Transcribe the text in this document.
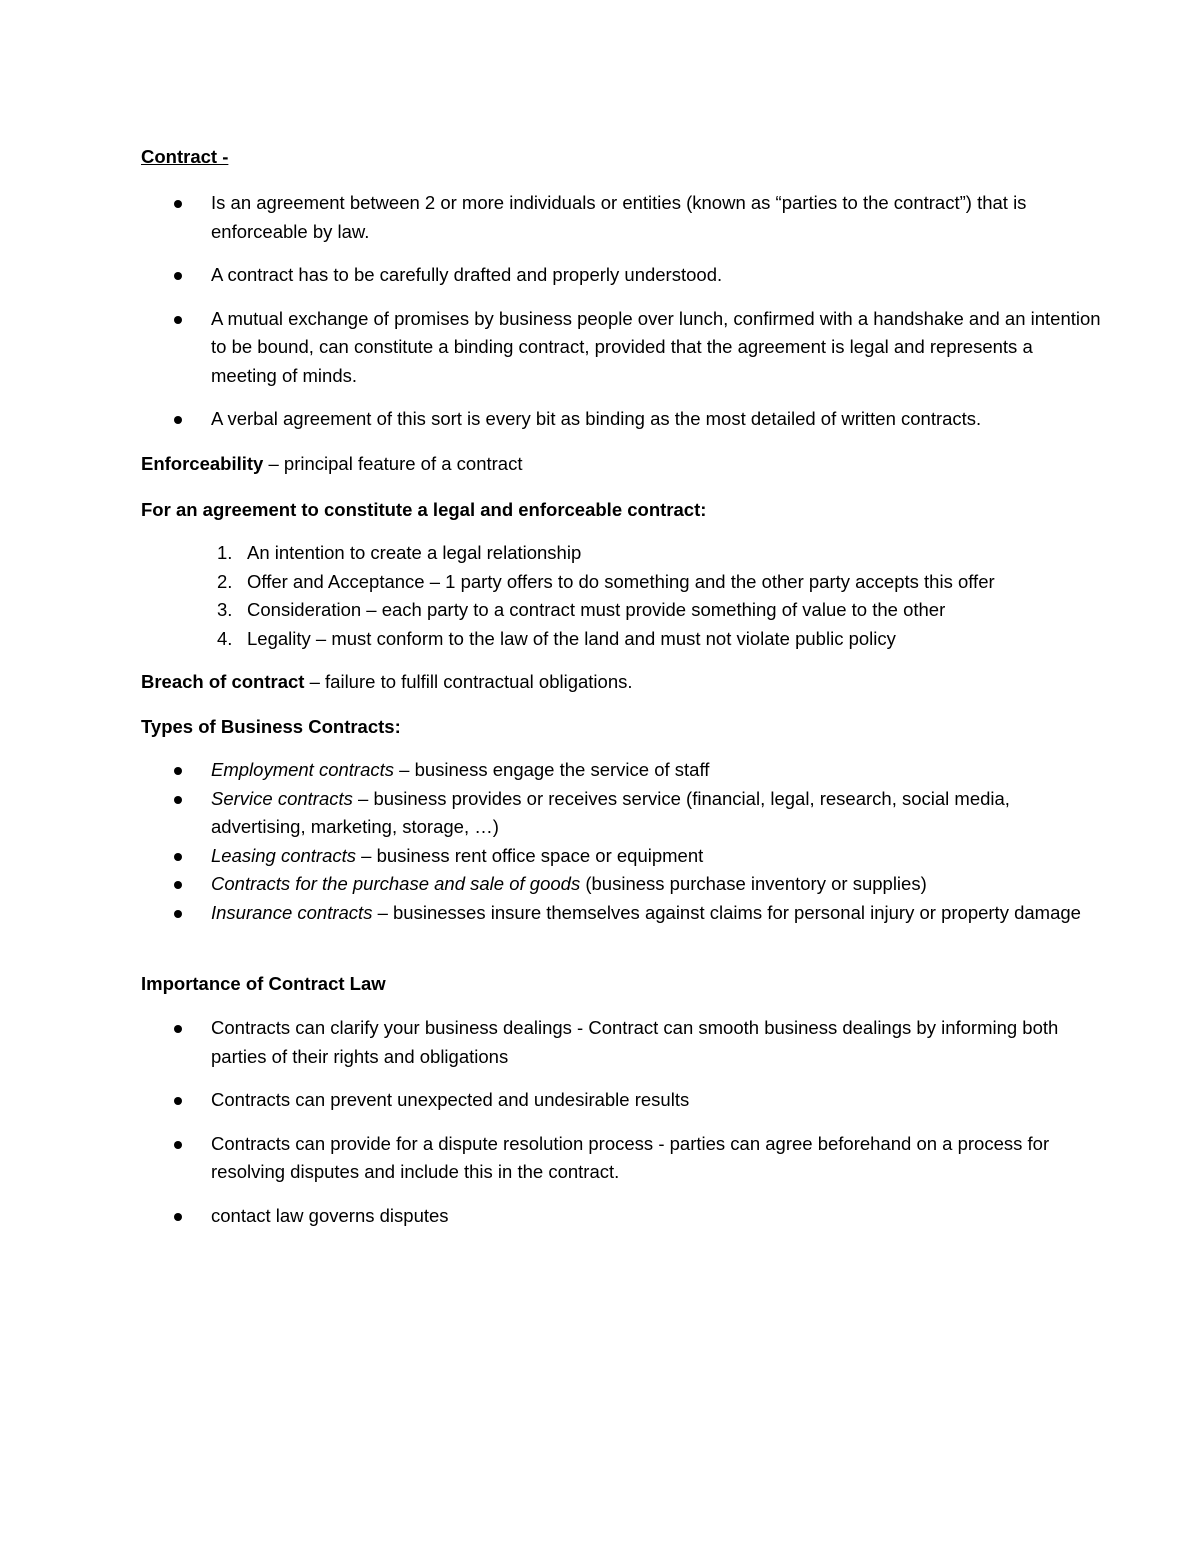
Contract -
Is an agreement between 2 or more individuals or entities (known as “parties to the contract”) that is enforceable by law.
A contract has to be carefully drafted and properly understood.
A mutual exchange of promises by business people over lunch, confirmed with a handshake and an intention to be bound, can constitute a binding contract, provided that the agreement is legal and represents a meeting of minds.
A verbal agreement of this sort is every bit as binding as the most detailed of written contracts.
Enforceability – principal feature of a contract
For an agreement to constitute a legal and enforceable contract:
1. An intention to create a legal relationship
2. Offer and Acceptance – 1 party offers to do something and the other party accepts this offer
3. Consideration – each party to a contract must provide something of value to the other
4. Legality – must conform to the law of the land and must not violate public policy
Breach of contract – failure to fulfill contractual obligations.
Types of Business Contracts:
Employment contracts – business engage the service of staff
Service contracts – business provides or receives service (financial, legal, research, social media, advertising, marketing, storage, …)
Leasing contracts – business rent office space or equipment
Contracts for the purchase and sale of goods (business purchase inventory or supplies)
Insurance contracts – businesses insure themselves against claims for personal injury or property damage
Importance of Contract Law
Contracts can clarify your business dealings - Contract can smooth business dealings by informing both parties of their rights and obligations
Contracts can prevent unexpected and undesirable results
Contracts can provide for a dispute resolution process - parties can agree beforehand on a process for resolving disputes and include this in the contract.
contact law governs disputes
